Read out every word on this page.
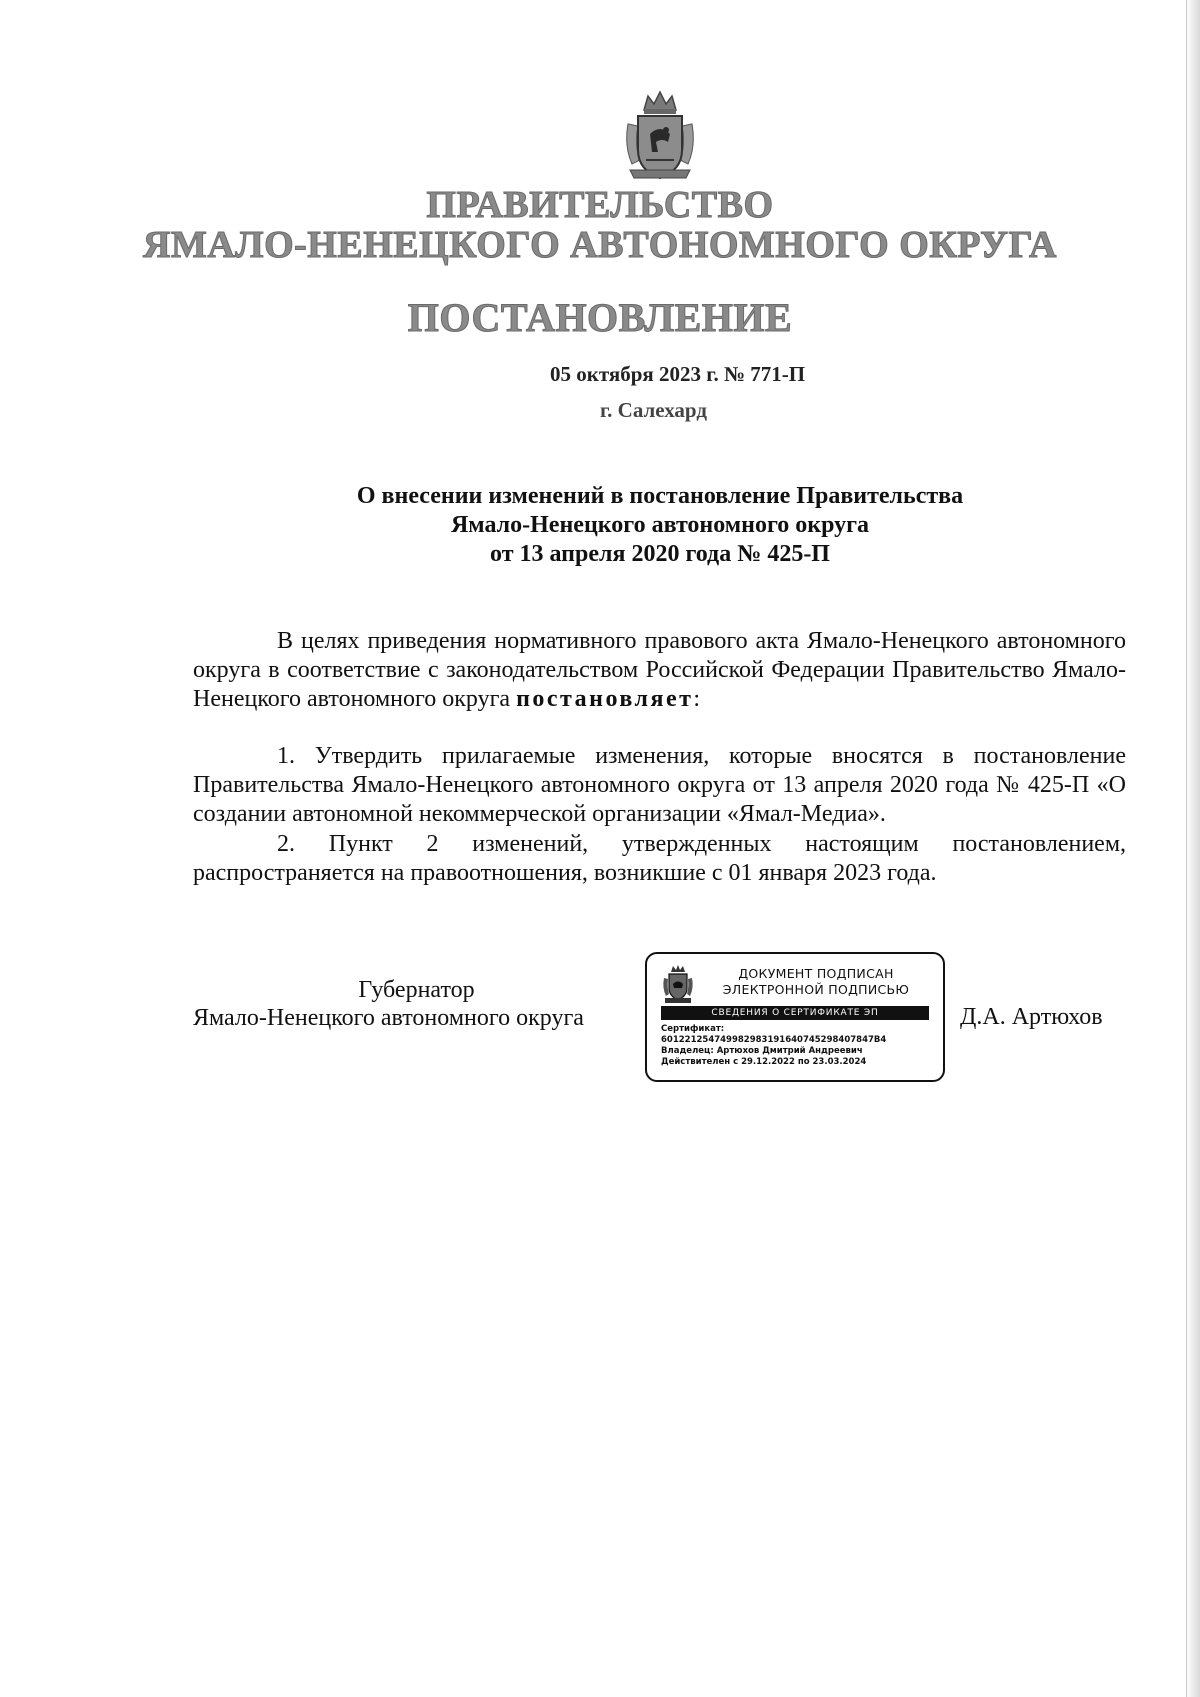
ПРАВИТЕЛЬСТВО
ЯМАЛО-НЕНЕЦКОГО АВТОНОМНОГО ОКРУГА
ПОСТАНОВЛЕНИЕ
05 октября 2023 г. № 771-П
г. Салехард
О внесении изменений в постановление Правительства
Ямало-Ненецкого автономного округа
от 13 апреля 2020 года № 425-П

В целях приведения нормативного правового акта Ямало-Ненецкого автономного округа в соответствие с законодательством Российской Федерации Правительство Ямало-Ненецкого автономного округа постановляет:

1. Утвердить прилагаемые изменения, которые вносятся в постановление Правительства Ямало-Ненецкого автономного округа от 13 апреля 2020 года № 425-П «О создании автономной некоммерческой организации «Ямал-Медиа».

2. Пункт 2 изменений, утвержденных настоящим постановлением, распространяется на правоотношения, возникшие с 01 января 2023 года.

Губернатор
Ямало-Ненецкого автономного округа	Д.А. Артюхов
ДОКУМЕНТ ПОДПИСАН
ЭЛЕКТРОННОЙ ПОДПИСЬЮ
СВЕДЕНИЯ О СЕРТИФИКАТЕ ЭП
Сертификат:
601221254749982983191640745298407847B4
Владелец: Артюхов Дмитрий Андреевич
Действителен с 29.12.2022 по 23.03.2024
